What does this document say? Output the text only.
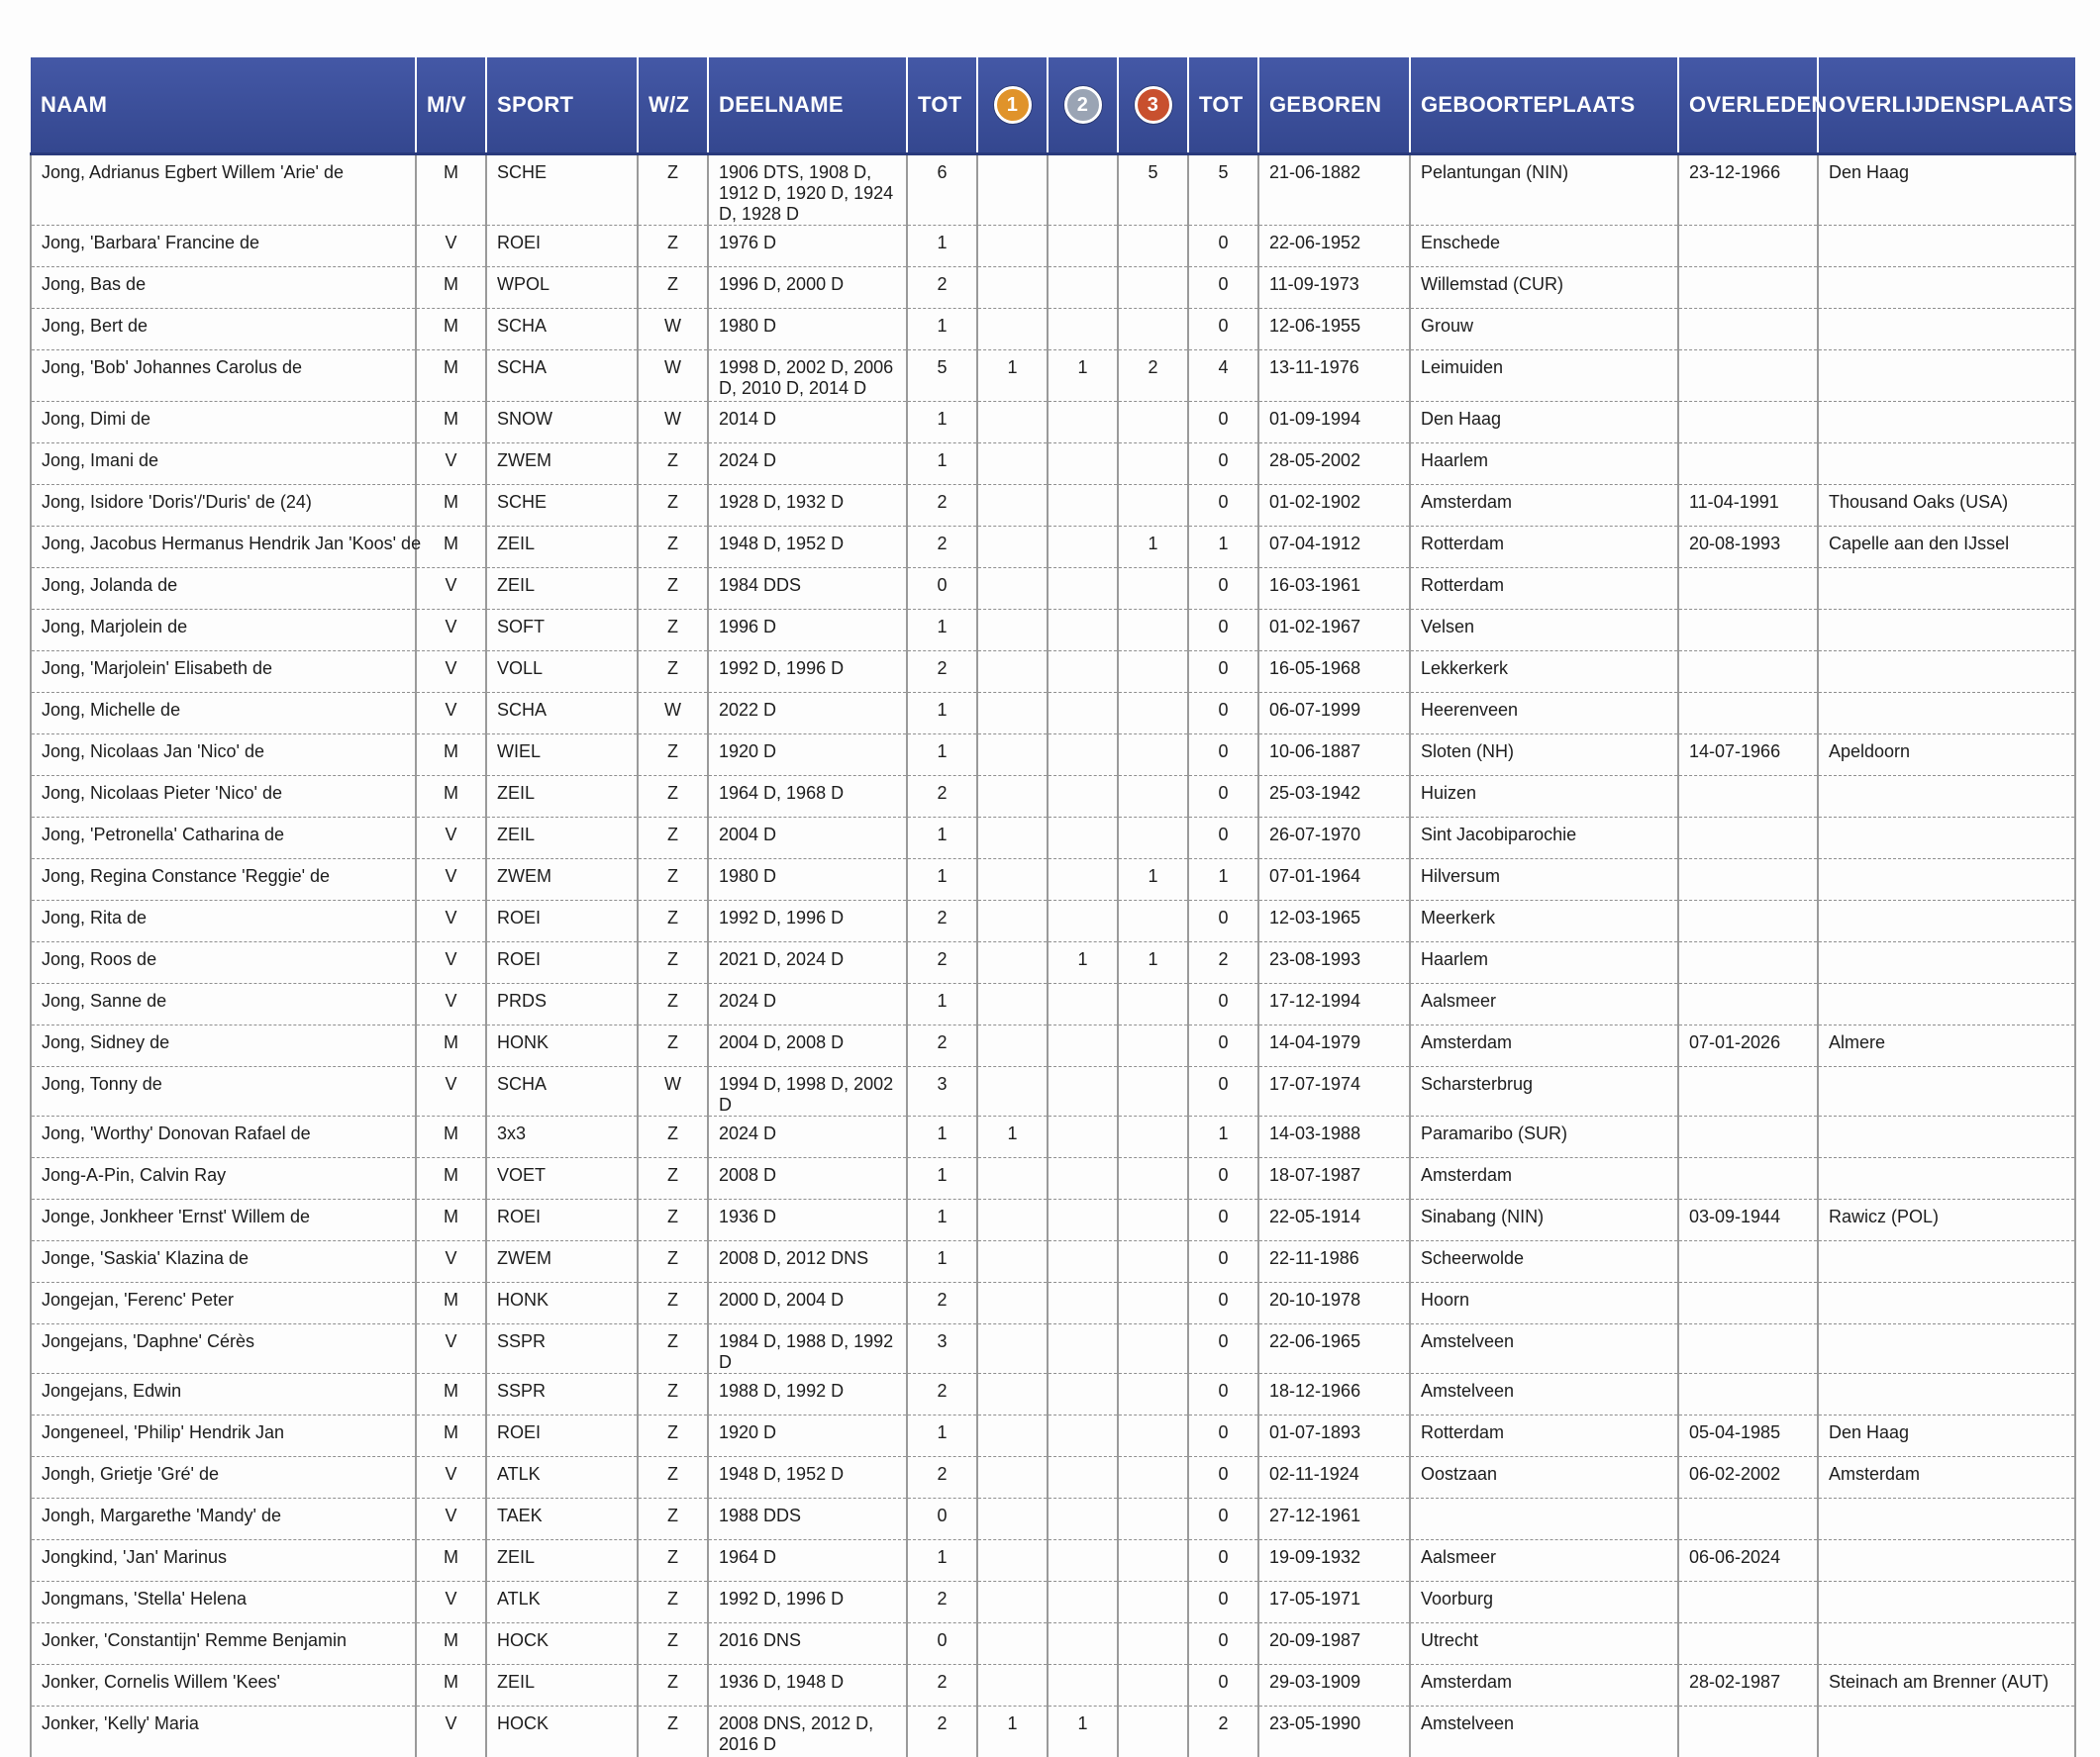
NAAM	M/V	SPORT	W/Z	DEELNAME	TOT	1	2	3	TOT	GEBOREN	GEBOORTEPLAATS	OVERLEDEN	OVERLIJDENSPLAATS
Jong, Adrianus Egbert Willem 'Arie' de	M	SCHE	Z	1906 DTS, 1908 D, 1912 D, 1920 D, 1924 D, 1928 D	6			5	5	21-06-1882	Pelantungan (NIN)	23-12-1966	Den Haag
Jong, 'Barbara' Francine de	V	ROEI	Z	1976 D	1				0	22-06-1952	Enschede		
Jong, Bas de	M	WPOL	Z	1996 D, 2000 D	2				0	11-09-1973	Willemstad (CUR)		
Jong, Bert de	M	SCHA	W	1980 D	1				0	12-06-1955	Grouw		
Jong, 'Bob' Johannes Carolus de	M	SCHA	W	1998 D, 2002 D, 2006 D, 2010 D, 2014 D	5	1	1	2	4	13-11-1976	Leimuiden		
Jong, Dimi de	M	SNOW	W	2014 D	1				0	01-09-1994	Den Haag		
Jong, Imani de	V	ZWEM	Z	2024 D	1				0	28-05-2002	Haarlem		
Jong, Isidore 'Doris'/'Duris' de (24)	M	SCHE	Z	1928 D, 1932 D	2				0	01-02-1902	Amsterdam	11-04-1991	Thousand Oaks (USA)
Jong, Jacobus Hermanus Hendrik Jan 'Koos' de	M	ZEIL	Z	1948 D, 1952 D	2			1	1	07-04-1912	Rotterdam	20-08-1993	Capelle aan den IJssel
Jong, Jolanda de	V	ZEIL	Z	1984 DDS	0				0	16-03-1961	Rotterdam		
Jong, Marjolein de	V	SOFT	Z	1996 D	1				0	01-02-1967	Velsen		
Jong, 'Marjolein' Elisabeth de	V	VOLL	Z	1992 D, 1996 D	2				0	16-05-1968	Lekkerkerk		
Jong, Michelle de	V	SCHA	W	2022 D	1				0	06-07-1999	Heerenveen		
Jong, Nicolaas Jan 'Nico' de	M	WIEL	Z	1920 D	1				0	10-06-1887	Sloten (NH)	14-07-1966	Apeldoorn
Jong, Nicolaas Pieter 'Nico' de	M	ZEIL	Z	1964 D, 1968 D	2				0	25-03-1942	Huizen		
Jong, 'Petronella' Catharina de	V	ZEIL	Z	2004 D	1				0	26-07-1970	Sint Jacobiparochie		
Jong, Regina Constance 'Reggie' de	V	ZWEM	Z	1980 D	1			1	1	07-01-1964	Hilversum		
Jong, Rita de	V	ROEI	Z	1992 D, 1996 D	2				0	12-03-1965	Meerkerk		
Jong, Roos de	V	ROEI	Z	2021 D, 2024 D	2		1	1	2	23-08-1993	Haarlem		
Jong, Sanne de	V	PRDS	Z	2024 D	1				0	17-12-1994	Aalsmeer		
Jong, Sidney de	M	HONK	Z	2004 D, 2008 D	2				0	14-04-1979	Amsterdam	07-01-2026	Almere
Jong, Tonny de	V	SCHA	W	1994 D, 1998 D, 2002 D	3				0	17-07-1974	Scharsterbrug		
Jong, 'Worthy' Donovan Rafael de	M	3x3	Z	2024 D	1	1			1	14-03-1988	Paramaribo (SUR)		
Jong-A-Pin, Calvin Ray	M	VOET	Z	2008 D	1				0	18-07-1987	Amsterdam		
Jonge, Jonkheer 'Ernst' Willem de	M	ROEI	Z	1936 D	1				0	22-05-1914	Sinabang (NIN)	03-09-1944	Rawicz (POL)
Jonge, 'Saskia' Klazina de	V	ZWEM	Z	2008 D, 2012 DNS	1				0	22-11-1986	Scheerwolde		
Jongejan, 'Ferenc' Peter	M	HONK	Z	2000 D, 2004 D	2				0	20-10-1978	Hoorn		
Jongejans, 'Daphne' Cérès	V	SSPR	Z	1984 D, 1988 D, 1992 D	3				0	22-06-1965	Amstelveen		
Jongejans, Edwin	M	SSPR	Z	1988 D, 1992 D	2				0	18-12-1966	Amstelveen		
Jongeneel, 'Philip' Hendrik Jan	M	ROEI	Z	1920 D	1				0	01-07-1893	Rotterdam	05-04-1985	Den Haag
Jongh, Grietje 'Gré' de	V	ATLK	Z	1948 D, 1952 D	2				0	02-11-1924	Oostzaan	06-02-2002	Amsterdam
Jongh, Margarethe 'Mandy' de	V	TAEK	Z	1988 DDS	0				0	27-12-1961			
Jongkind, 'Jan' Marinus	M	ZEIL	Z	1964 D	1				0	19-09-1932	Aalsmeer	06-06-2024	
Jongmans, 'Stella' Helena	V	ATLK	Z	1992 D, 1996 D	2				0	17-05-1971	Voorburg		
Jonker, 'Constantijn' Remme Benjamin	M	HOCK	Z	2016 DNS	0				0	20-09-1987	Utrecht		
Jonker, Cornelis Willem 'Kees'	M	ZEIL	Z	1936 D, 1948 D	2				0	29-03-1909	Amsterdam	28-02-1987	Steinach am Brenner (AUT)
Jonker, 'Kelly' Maria	V	HOCK	Z	2008 DNS, 2012 D, 2016 D	2	1	1		2	23-05-1990	Amstelveen		
